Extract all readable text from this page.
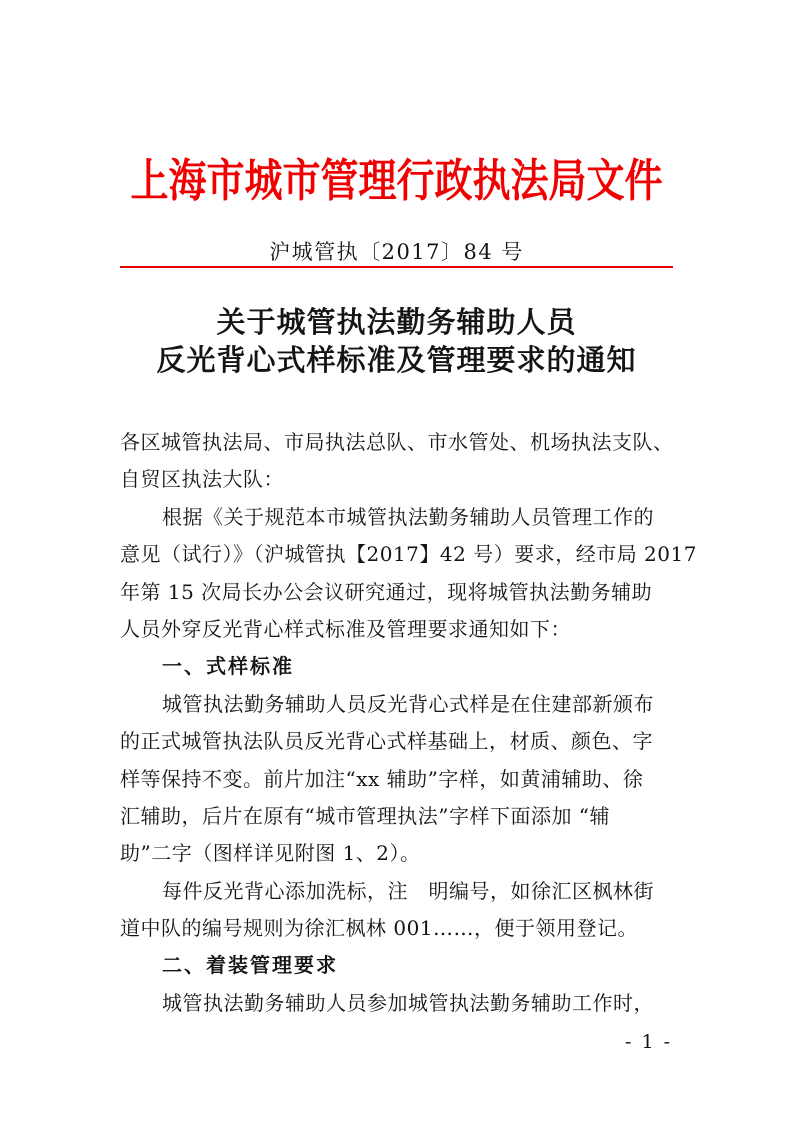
上海市城市管理行政执法局文件
沪城管执〔2017〕84 号
关于城管执法勤务辅助人员
反光背心式样标准及管理要求的通知
各区城管执法局、市局执法总队、市水管处、机场执法支队、
自贸区执法大队：
根据《关于规范本市城管执法勤务辅助人员管理工作的
意见（试行）》（沪城管执【2017】42 号）要求，经市局 2017
年第 15 次局长办公会议研究通过，现将城管执法勤务辅助
人员外穿反光背心样式标准及管理要求通知如下：
一、式样标准
城管执法勤务辅助人员反光背心式样是在住建部新颁布
的正式城管执法队员反光背心式样基础上，材质、颜色、字
样等保持不变。前片加注“xx 辅助”字样，如黄浦辅助、徐
汇辅助，后片在原有“城市管理执法”字样下面添加 “辅
助”二字（图样详见附图 1、2）。
每件反光背心添加洗标，注　明编号，如徐汇区枫林街
道中队的编号规则为徐汇枫林 001……，便于领用登记。
二、着装管理要求
城管执法勤务辅助人员参加城管执法勤务辅助工作时，
- 1 -
